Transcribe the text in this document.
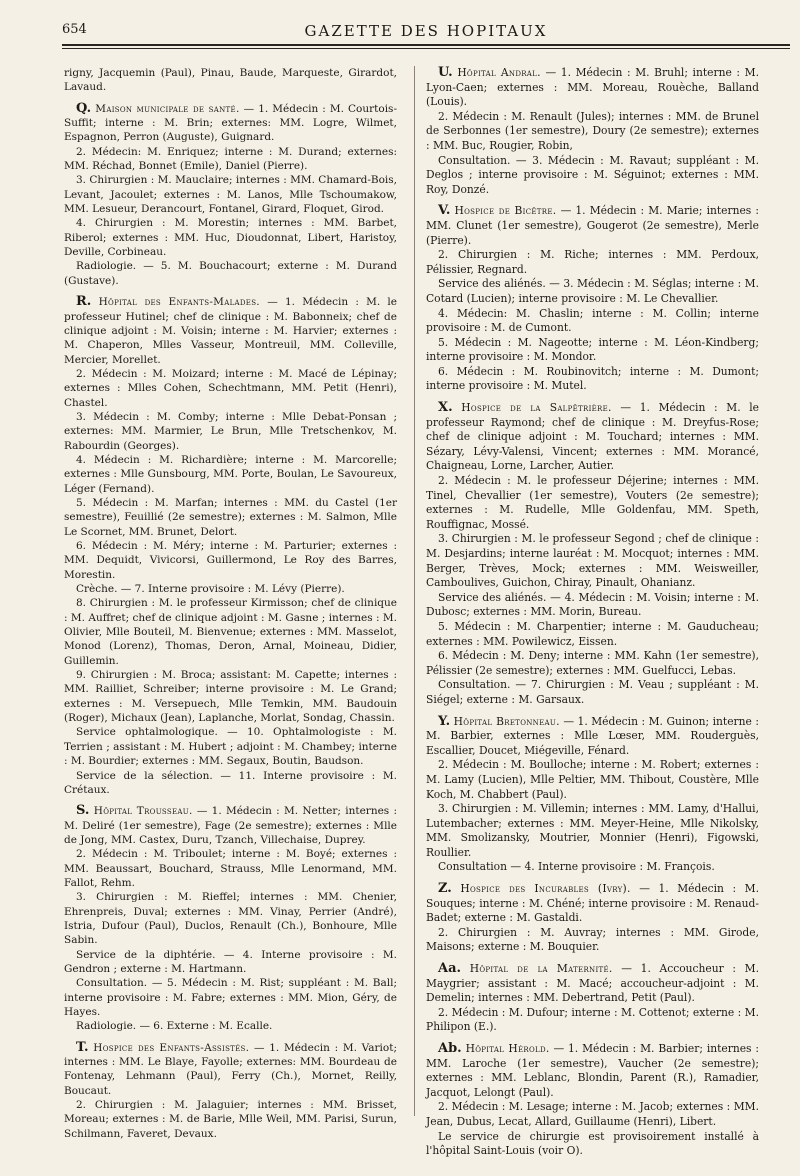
654	GAZETTE DES HOPITAUX

rigny, Jacquemin (Paul), Pinau, Baude, Marqueste, Girardot, Lavaud.

Q. Maison municipale de santé. — 1. Médecin : M. Courtois-Suffit; interne : M. Brin; externes: MM. Logre, Wilmet, Espagnon, Perron (Auguste), Guignard.

2. Médecin: M. Enriquez; interne : M. Durand; externes: MM. Réchad, Bonnet (Emile), Daniel (Pierre).

3. Chirurgien : M. Mauclaire; internes : MM. Chamard-Bois, Levant, Jacoulet; externes : M. Lanos, Mlle Tschoumakow, MM. Lesueur, Derancourt, Fontanel, Girard, Floquet, Girod.

4. Chirurgien : M. Morestin; internes : MM. Barbet, Riberol; externes : MM. Huc, Dioudonnat, Libert, Haristoy, Deville, Corbineau.

Radiologie. — 5. M. Bouchacourt; externe : M. Durand (Gustave).

R. Hôpital des Enfants-Malades. — 1. Médecin : M. le professeur Hutinel; chef de clinique : M. Babonneix; chef de clinique adjoint : M. Voisin; interne : M. Harvier; externes : M. Chaperon, Mlles Vasseur, Montreuil, MM. Colleville, Mercier, Morellet.

2. Médecin : M. Moizard; interne : M. Macé de Lépinay; externes : Mlles Cohen, Schechtmann, MM. Petit (Henri), Chastel.

3. Médecin : M. Comby; interne : Mlle Debat-Ponsan ; externes: MM. Marmier, Le Brun, Mlle Tretschenkov, M. Rabourdin (Georges).

4. Médecin : M. Richardière; interne : M. Marcorelle; externes : Mlle Gunsbourg, MM. Porte, Boulan, Le Savoureux, Léger (Fernand).

5. Médecin : M. Marfan; internes : MM. du Castel (1er semestre), Feuillié (2e semestre); externes : M. Salmon, Mlle Le Scornet, MM. Brunet, Delort.

6. Médecin : M. Méry; interne : M. Parturier; externes : MM. Dequidt, Vivicorsi, Guillermond, Le Roy des Barres, Morestin.

Crèche. — 7. Interne provisoire : M. Lévy (Pierre).

8. Chirurgien : M. le professeur Kirmisson; chef de clinique : M. Auffret; chef de clinique adjoint : M. Gasne ; internes : M. Olivier, Mlle Bouteil, M. Bienvenue; externes : MM. Masselot, Monod (Lorenz), Thomas, Deron, Arnal, Moineau, Didier, Guillemin.

9. Chirurgien : M. Broca; assistant: M. Capette; internes : MM. Railliet, Schreiber; interne provisoire : M. Le Grand; externes : M. Versepuech, Mlle Temkin, MM. Baudouin (Roger), Michaux (Jean), Laplanche, Morlat, Sondag, Chassin.

Service ophtalmologique. — 10. Ophtalmologiste : M. Terrien ; assistant : M. Hubert ; adjoint : M. Chambey; interne : M. Bourdier; externes : MM. Segaux, Boutin, Baudson.

Service de la sélection. — 11. Interne provisoire : M. Crétaux.

S. Hôpital Trousseau. — 1. Médecin : M. Netter; internes : M. Deliré (1er semestre), Fage (2e semestre); externes : Mlle de Jong, MM. Castex, Duru, Tzanch, Villechaise, Duprey.

2. Médecin : M. Triboulet; interne : M. Boyé; externes : MM. Beaussart, Bouchard, Strauss, Mlle Lenormand, MM. Fallot, Rehm.

3. Chirurgien : M. Rieffel; internes : MM. Chenier, Ehrenpreis, Duval; externes : MM. Vinay, Perrier (André), Istria, Dufour (Paul), Duclos, Renault (Ch.), Bonhoure, Mlle Sabin.

Service de la diphtérie. — 4. Interne provisoire : M. Gendron ; externe : M. Hartmann.

Consultation. — 5. Médecin : M. Rist; suppléant : M. Ball; interne provisoire : M. Fabre; externes : MM. Mion, Géry, de Hayes.

Radiologie. — 6. Externe : M. Ecalle.

T. Hospice des Enfants-Assistés. — 1. Médecin : M. Variot; internes : MM. Le Blaye, Fayolle; externes: MM. Bourdeau de Fontenay, Lehmann (Paul), Ferry (Ch.), Mornet, Reilly, Boucaut.

2. Chirurgien : M. Jalaguier; internes : MM. Brisset, Moreau; externes : M. de Barie, Mlle Weil, MM. Parisi, Surun, Schilmann, Faveret, Devaux.

U. Hôpital Andral. — 1. Médecin : M. Bruhl; interne : M. Lyon-Caen; externes : MM. Moreau, Rouèche, Balland (Louis).

2. Médecin : M. Renault (Jules); internes : MM. de Brunel de Serbonnes (1er semestre), Doury (2e semestre); externes : MM. Buc, Rougier, Robin,

Consultation. — 3. Médecin : M. Ravaut; suppléant : M. Deglos ; interne provisoire : M. Séguinot; externes : MM. Roy, Donzé.

V. Hospice de Bicêtre. — 1. Médecin : M. Marie; internes : MM. Clunet (1er semestre), Gougerot (2e semestre), Merle (Pierre).

2. Chirurgien : M. Riche; internes : MM. Perdoux, Pélissier, Regnard.

Service des aliénés. — 3. Médecin : M. Séglas; interne : M. Cotard (Lucien); interne provisoire : M. Le Chevallier.

4. Médecin: M. Chaslin; interne : M. Collin; interne provisoire : M. de Cumont.

5. Médecin : M. Nageotte; interne : M. Léon-Kindberg; interne provisoire : M. Mondor.

6. Médecin : M. Roubinovitch; interne : M. Dumont; interne provisoire : M. Mutel.

X. Hospice de la Salpêtrière. — 1. Médecin : M. le professeur Raymond; chef de clinique : M. Dreyfus-Rose; chef de clinique adjoint : M. Touchard; internes : MM. Sézary, Lévy-Valensi, Vincent; externes : MM. Morancé, Chaigneau, Lorne, Larcher, Autier.

2. Médecin : M. le professeur Déjerine; internes : MM. Tinel, Chevallier (1er semestre), Vouters (2e semestre); externes : M. Rudelle, Mlle Goldenfau, MM. Speth, Rouffignac, Mossé.

3. Chirurgien : M. le professeur Segond ; chef de clinique : M. Desjardins; interne lauréat : M. Mocquot; internes : MM. Berger, Trèves, Mock; externes : MM. Weisweiller, Camboulives, Guichon, Chiray, Pinault, Ohanianz.

Service des aliénés. — 4. Médecin : M. Voisin; interne : M. Dubosc; externes : MM. Morin, Bureau.

5. Médecin : M. Charpentier; interne : M. Gauducheau; externes : MM. Powilewicz, Eissen.

6. Médecin : M. Deny; interne : MM. Kahn (1er semestre), Pélissier (2e semestre); externes : MM. Guelfucci, Lebas.

Consultation. — 7. Chirurgien : M. Veau ; suppléant : M. Siégel; externe : M. Garsaux.

Y. Hôpital Bretonneau. — 1. Médecin : M. Guinon; interne : M. Barbier, externes : Mlle Lœser, MM. Rouderguès, Escallier, Doucet, Miégeville, Fénard.

2. Médecin : M. Boulloche; interne : M. Robert; externes : M. Lamy (Lucien), Mlle Peltier, MM. Thibout, Coustère, Mlle Koch, M. Chabbert (Paul).

3. Chirurgien : M. Villemin; internes : MM. Lamy, d'Hallui, Lutembacher; externes : MM. Meyer-Heine, Mlle Nikolsky, MM. Smolizansky, Moutrier, Monnier (Henri), Figowski, Roullier.

Consultation — 4. Interne provisoire : M. François.

Z. Hospice des Incurables (Ivry). — 1. Médecin : M. Souques; interne : M. Chéné; interne provisoire : M. Renaud-Badet; externe : M. Gastaldi.

2. Chirurgien : M. Auvray; internes : MM. Girode, Maisons; externe : M. Bouquier.

Aa. Hôpital de la Maternité. — 1. Accoucheur : M. Maygrier; assistant : M. Macé; accoucheur-adjoint : M. Demelin; internes : MM. Debertrand, Petit (Paul).

2. Médecin : M. Dufour; interne : M. Cottenot; externe : M. Philipon (E.).

Ab. Hôpital Hérold. — 1. Médecin : M. Barbier; internes : MM. Laroche (1er semestre), Vaucher (2e semestre); externes : MM. Leblanc, Blondin, Parent (R.), Ramadier, Jacquot, Lelongt (Paul).

2. Médecin : M. Lesage; interne : M. Jacob; externes : MM. Jean, Dubus, Lecat, Allard, Guillaume (Henri), Libert.

Le service de chirurgie est provisoirement installé à l'hôpital Saint-Louis (voir O).
